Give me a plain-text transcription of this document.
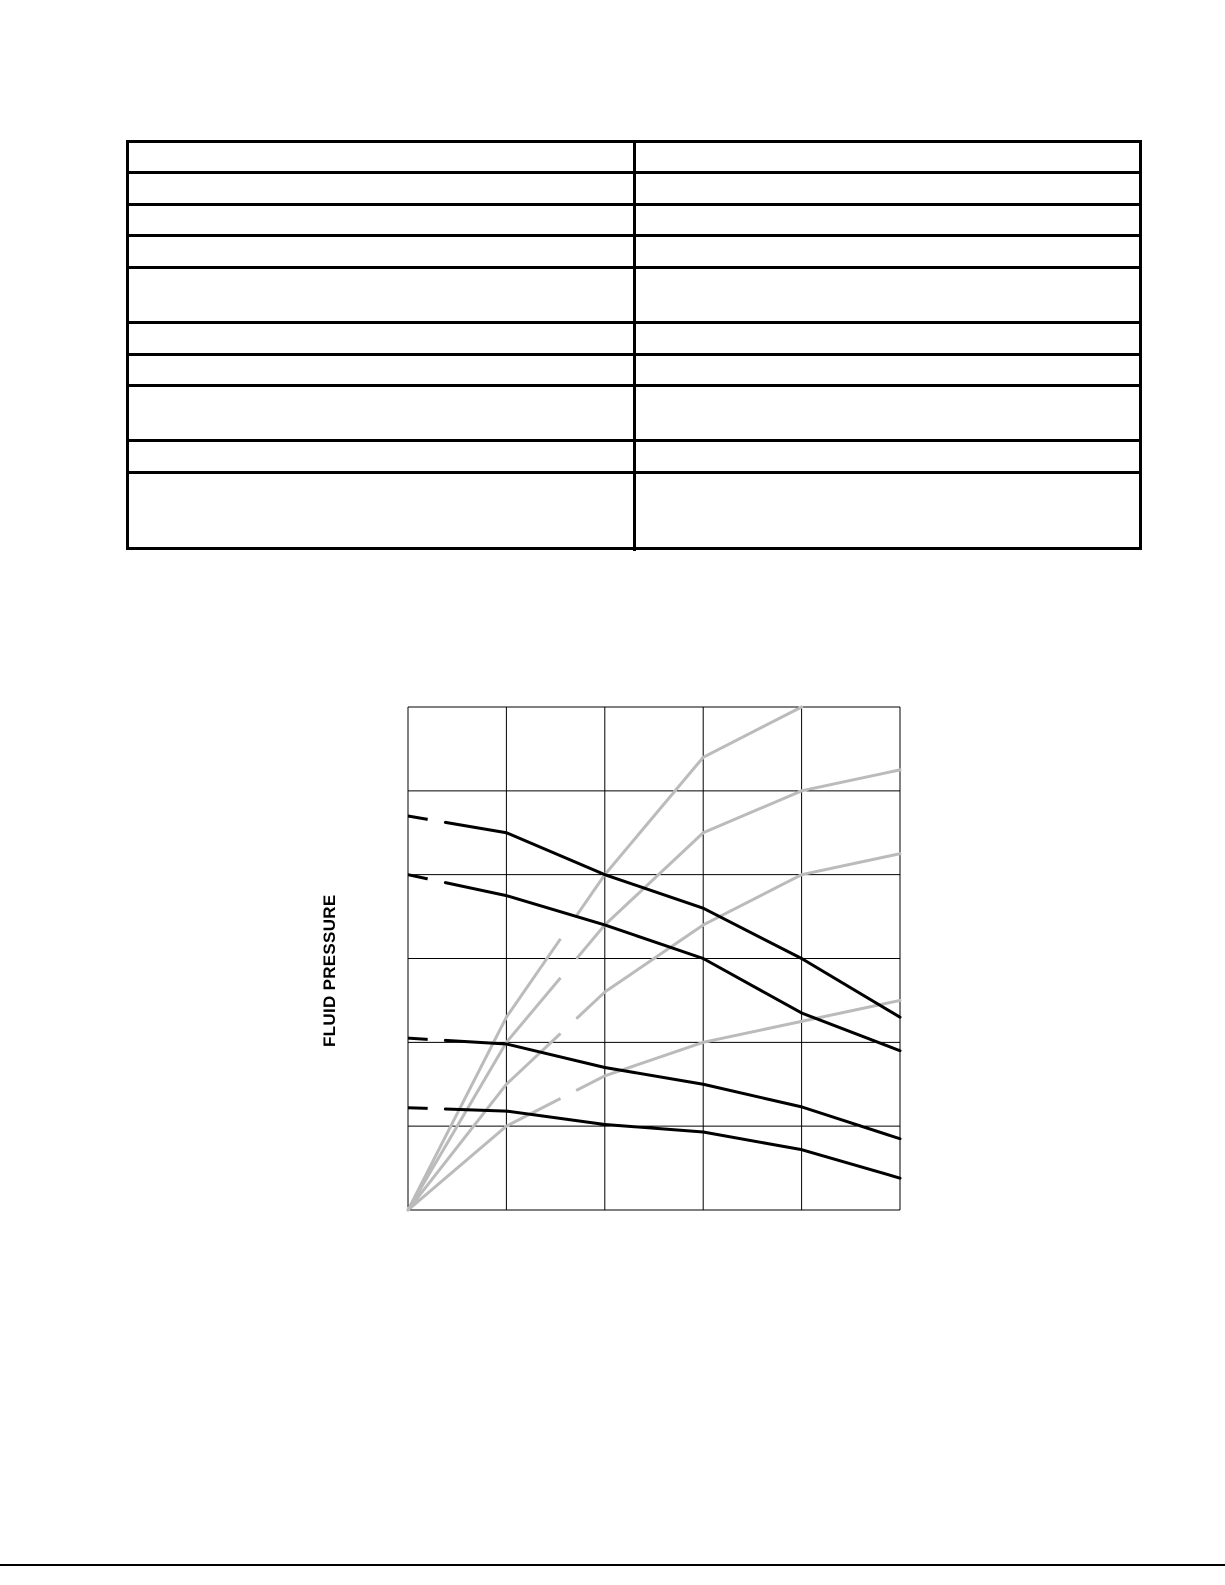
FLUID PRESSURE
